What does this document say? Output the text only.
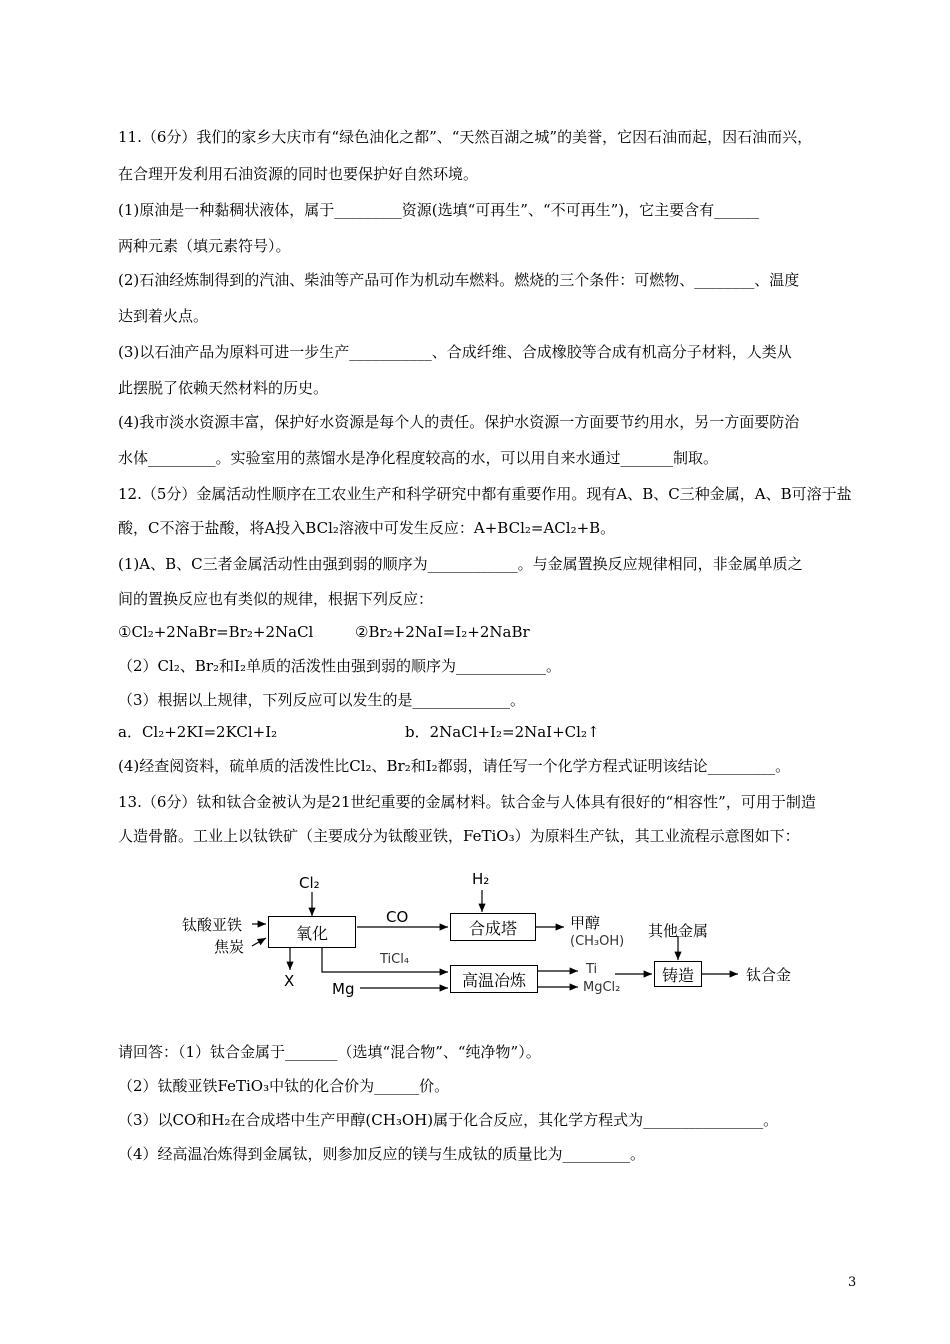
11.（6分）我们的家乡大庆市有“绿色油化之都”、“天然百湖之城”的美誉，它因石油而起，因石油而兴，
在合理开发利用石油资源的同时也要保护好自然环境。
(1)原油是一种黏稠状液体，属于_________资源(选填“可再生”、“不可再生”)，它主要含有______
两种元素（填元素符号）。
(2)石油经炼制得到的汽油、柴油等产品可作为机动车燃料。燃烧的三个条件：可燃物、________、温度
达到着火点。
(3)以石油产品为原料可进一步生产___________、合成纤维、合成橡胶等合成有机高分子材料，人类从
此摆脱了依赖天然材料的历史。
(4)我市淡水资源丰富，保护好水资源是每个人的责任。保护水资源一方面要节约用水，另一方面要防治
水体_________。实验室用的蒸馏水是净化程度较高的水，可以用自来水通过_______制取。
12.（5分）金属活动性顺序在工农业生产和科学研究中都有重要作用。现有A、B、C三种金属，A、B可溶于盐
酸，C不溶于盐酸，将A投入BCl₂溶液中可发生反应：A+BCl₂=ACl₂+B。
(1)A、B、C三者金属活动性由强到弱的顺序为____________。与金属置换反应规律相同，非金属单质之
间的置换反应也有类似的规律，根据下列反应：
①Cl₂+2NaBr=Br₂+2NaCl	②Br₂+2NaI=I₂+2NaBr
（2）Cl₂、Br₂和I₂单质的活泼性由强到弱的顺序为____________。
（3）根据以上规律，下列反应可以发生的是_____________。
a．Cl₂+2KI=2KCl+I₂	b．2NaCl+I₂=2NaI+Cl₂↑
(4)经查阅资料，硫单质的活泼性比Cl₂、Br₂和I₂都弱，请任写一个化学方程式证明该结论_________。
13.（6分）钛和钛合金被认为是21世纪重要的金属材料。钛合金与人体具有很好的“相容性”，可用于制造
人造骨骼。工业上以钛铁矿（主要成分为钛酸亚铁，FeTiO₃）为原料生产钛，其工业流程示意图如下：
Cl₂
钛酸亚铁
焦炭
氧化
X
CO
H₂
合成塔	甲醇
(CH₃OH)
TiCl₄
Mg	高温冶炼
Ti
MgCl₂
其他金属
铸造	钛合金
请回答：（1）钛合金属于_______（选填“混合物”、“纯净物”）。
（2）钛酸亚铁FeTiO₃中钛的化合价为______价。
（3）以CO和H₂在合成塔中生产甲醇(CH₃OH)属于化合反应，其化学方程式为________________。
（4）经高温冶炼得到金属钛，则参加反应的镁与生成钛的质量比为_________。
3
